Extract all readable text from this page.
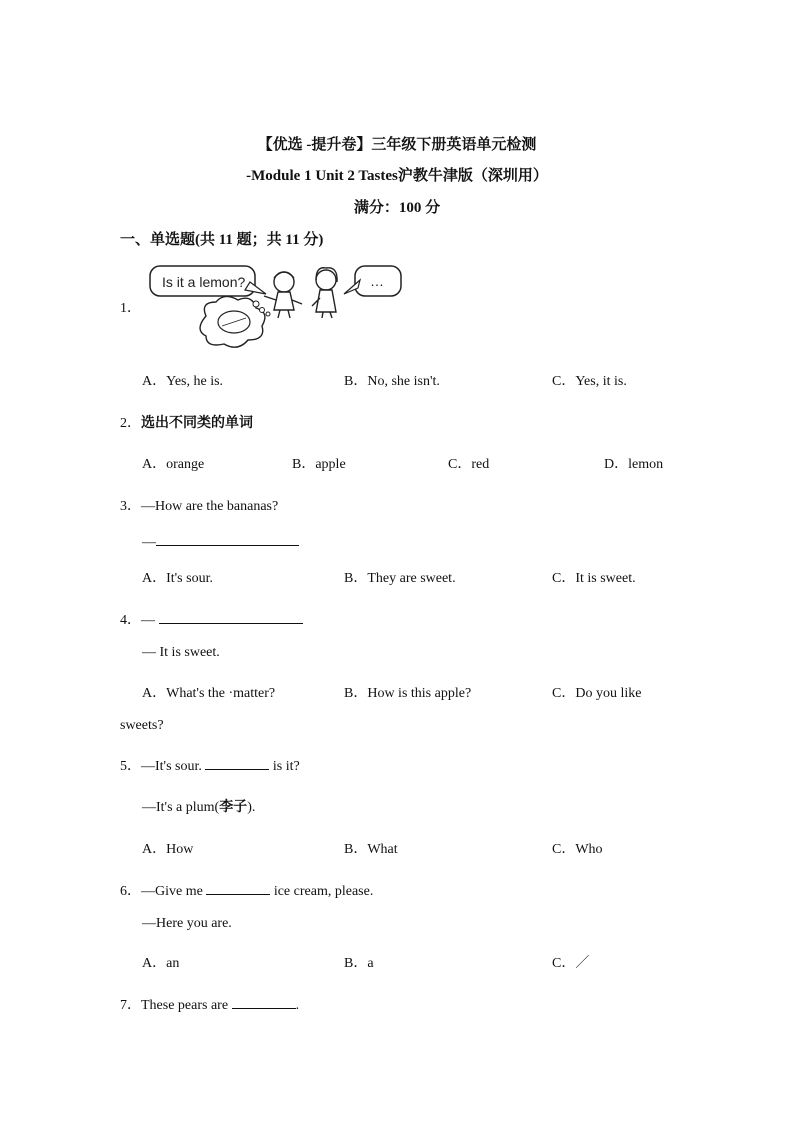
【优选 -提升卷】三年级下册英语单元检测
-Module 1 Unit 2 Tastes沪教牛津版（深圳用）
满分：100 分
一、单选题(共 11 题；共 11 分)
1．
Is it a lemon?	…
A．Yes, he is.	B．No, she isn't.	C．Yes, it is.
2．选出不同类的单词
A．orange	B．apple	C．red	D．lemon
3．—How are the bananas?
—
A．It's sour.	B．They are sweet.	C．It is sweet.
4．—
— It is sweet.
A．What's the ·matter?	B．How is this apple?	C．Do you like
sweets?
5．—It's sour.	is it?
—It's a plum(李子).
A．How	B．What	C．Who
6．—Give me	ice cream, please.
—Here you are.
A．an	B．a	C．／
7．These pears are	.
